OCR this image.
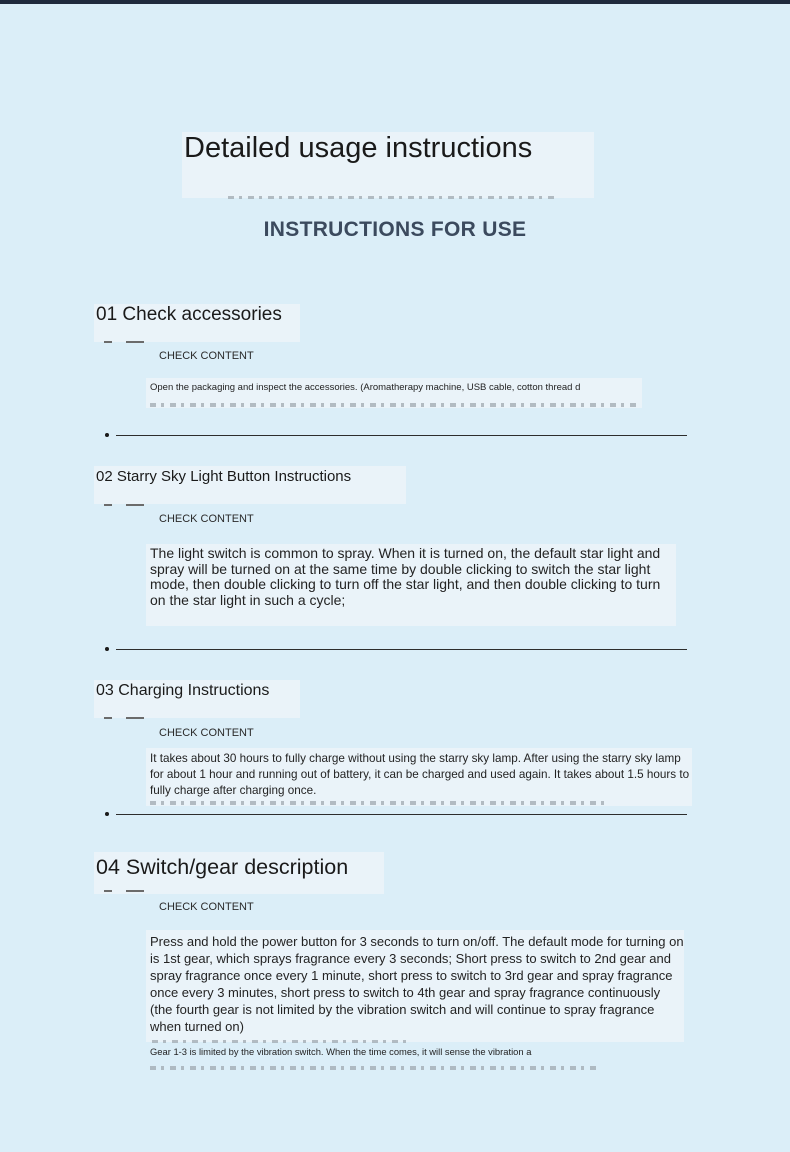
Detailed usage instructions
INSTRUCTIONS FOR USE
01 Check accessories
CHECK CONTENT

Open the packaging and inspect the accessories. (Aromatherapy machine, USB cable, cotton thread d

02 Starry Sky Light Button Instructions
CHECK CONTENT

The light switch is common to spray. When it is turned on, the default star light and spray will be turned on at the same time by double clicking to switch the star light mode, then double clicking to turn off the star light, and then double clicking to turn on the star light in such a cycle;

03 Charging Instructions
CHECK CONTENT

It takes about 30 hours to fully charge without using the starry sky lamp. After using the starry sky lamp for about 1 hour and running out of battery, it can be charged and used again. It takes about 1.5 hours to fully charge after charging once.

04 Switch/gear description
CHECK CONTENT

Press and hold the power button for 3 seconds to turn on/off. The default mode for turning on is 1st gear, which sprays fragrance every 3 seconds; Short press to switch to 2nd gear and spray fragrance once every 1 minute, short press to switch to 3rd gear and spray fragrance once every 3 minutes, short press to switch to 4th gear and spray fragrance continuously (the fourth gear is not limited by the vibration switch and will continue to spray fragrance when turned on)

Gear 1-3 is limited by the vibration switch. When the time comes, it will sense the vibration a
